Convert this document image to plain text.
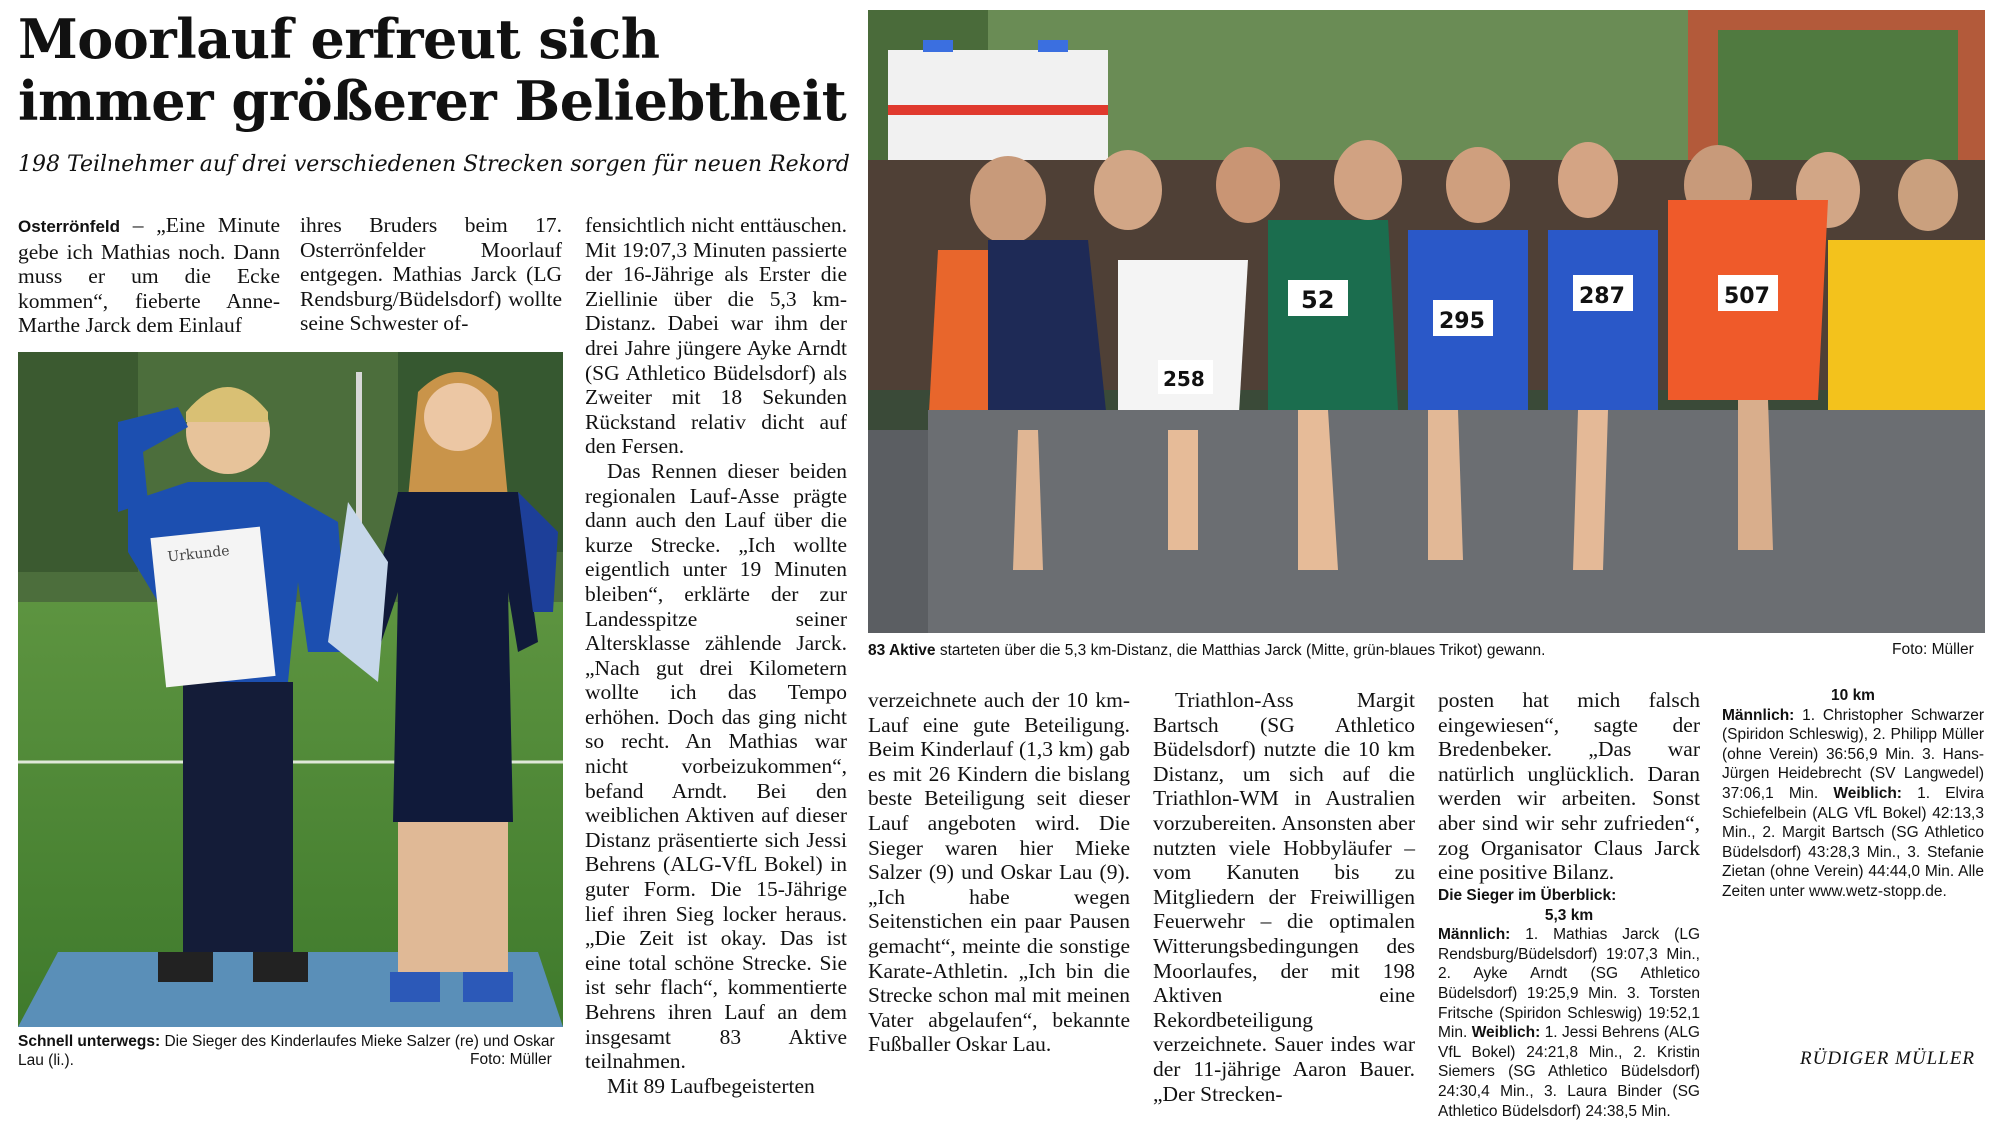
Moorlauf erfreut sich
immer größerer Beliebtheit
198 Teilnehmer auf drei verschiedenen Strecken sorgen für neuen Rekord

Osterrönfeld – „Eine Minute gebe ich Mathias noch. Dann muss er um die Ecke kommen“, fieberte Anne-Marthe Jarck dem Einlauf

ihres Bruders beim 17. Osterrönfelder Moorlauf entgegen. Mathias Jarck (LG Rendsburg/Büdelsdorf) wollte seine Schwester of-

Urkunde
Schnell unterwegs: Die Sieger des Kinderlaufes Mieke Salzer (re) und Oskar Lau (li.).	Foto: Müller

fensichtlich nicht enttäuschen. Mit 19:07,3 Minuten passierte der 16-Jährige als Erster die Ziellinie über die 5,3 km-Distanz. Dabei war ihm der drei Jahre jüngere Ayke Arndt (SG Athletico Büdelsdorf) als Zweiter mit 18 Sekunden Rückstand relativ dicht auf den Fersen.

Das Rennen dieser beiden regionalen Lauf-Asse prägte dann auch den Lauf über die kurze Strecke. „Ich wollte eigentlich unter 19 Minuten bleiben“, erklärte der zur Landesspitze seiner Altersklasse zählende Jarck. „Nach gut drei Kilometern wollte ich das Tempo erhöhen. Doch das ging nicht so recht. An Mathias war nicht vorbeizukommen“, befand Arndt. Bei den weiblichen Aktiven auf dieser Distanz präsentierte sich Jessi Behrens (ALG-VfL Bokel) in guter Form. Die 15-Jährige lief ihren Sieg locker heraus. „Die Zeit ist okay. Das ist eine total schöne Strecke. Sie ist sehr flach“, kommentierte Behrens ihren Lauf an dem insgesamt 83 Aktive teilnahmen.

Mit 89 Laufbegeisterten

52
295
287
258
507
83 Aktive starteten über die 5,3 km-Distanz, die Matthias Jarck (Mitte, grün-blaues Trikot) gewann.	Foto: Müller

verzeichnete auch der 10 km-Lauf eine gute Beteiligung. Beim Kinderlauf (1,3 km) gab es mit 26 Kindern die bislang beste Beteiligung seit dieser Lauf angeboten wird. Die Sieger waren hier Mieke Salzer (9) und Oskar Lau (9). „Ich habe wegen Seitenstichen ein paar Pausen gemacht“, meinte die sonstige Karate-Athletin. „Ich bin die Strecke schon mal mit meinen Vater abgelaufen“, bekannte Fußballer Oskar Lau.

Triathlon-Ass Margit Bartsch (SG Athletico Büdelsdorf) nutzte die 10 km Distanz, um sich auf die Triathlon-WM in Australien vorzubereiten. Ansonsten aber nutzten viele Hobbyläufer – vom Kanuten bis zu Mitgliedern der Freiwilligen Feuerwehr – die optimalen Witterungsbedingungen des Moorlaufes, der mit 198 Aktiven eine Rekordbeteiligung verzeichnete. Sauer indes war der 11-jährige Aaron Bauer. „Der Strecken-

posten hat mich falsch eingewiesen“, sagte der Bredenbeker. „Das war natürlich unglücklich. Daran werden wir arbeiten. Sonst aber sind wir sehr zufrieden“, zog Organisator Claus Jarck eine positive Bilanz.

Die Sieger im Überblick:
5,3 km
Männlich: 1. Mathias Jarck (LG Rendsburg/Büdelsdorf) 19:07,3 Min., 2. Ayke Arndt (SG Athletico Büdelsdorf) 19:25,9 Min. 3. Torsten Fritsche (Spiridon Schleswig) 19:52,1 Min. Weiblich: 1. Jessi Behrens (ALG VfL Bokel) 24:21,8 Min., 2. Kristin Siemers (SG Athletico Büdelsdorf) 24:30,4 Min., 3. Laura Binder (SG Athletico Büdelsdorf) 24:38,5 Min.
10 km
Männlich: 1. Christopher Schwarzer (Spiridon Schleswig), 2. Philipp Müller (ohne Verein) 36:56,9 Min. 3. Hans-Jürgen Heidebrecht (SV Langwedel) 37:06,1 Min. Weiblich: 1. Elvira Schiefelbein (ALG VfL Bokel) 42:13,3 Min., 2. Margit Bartsch (SG Athletico Büdelsdorf) 43:28,3 Min., 3. Stefanie Zietan (ohne Verein) 44:44,0 Min. Alle Zeiten unter www.wetz-stopp.de.
RÜDIGER MÜLLER
